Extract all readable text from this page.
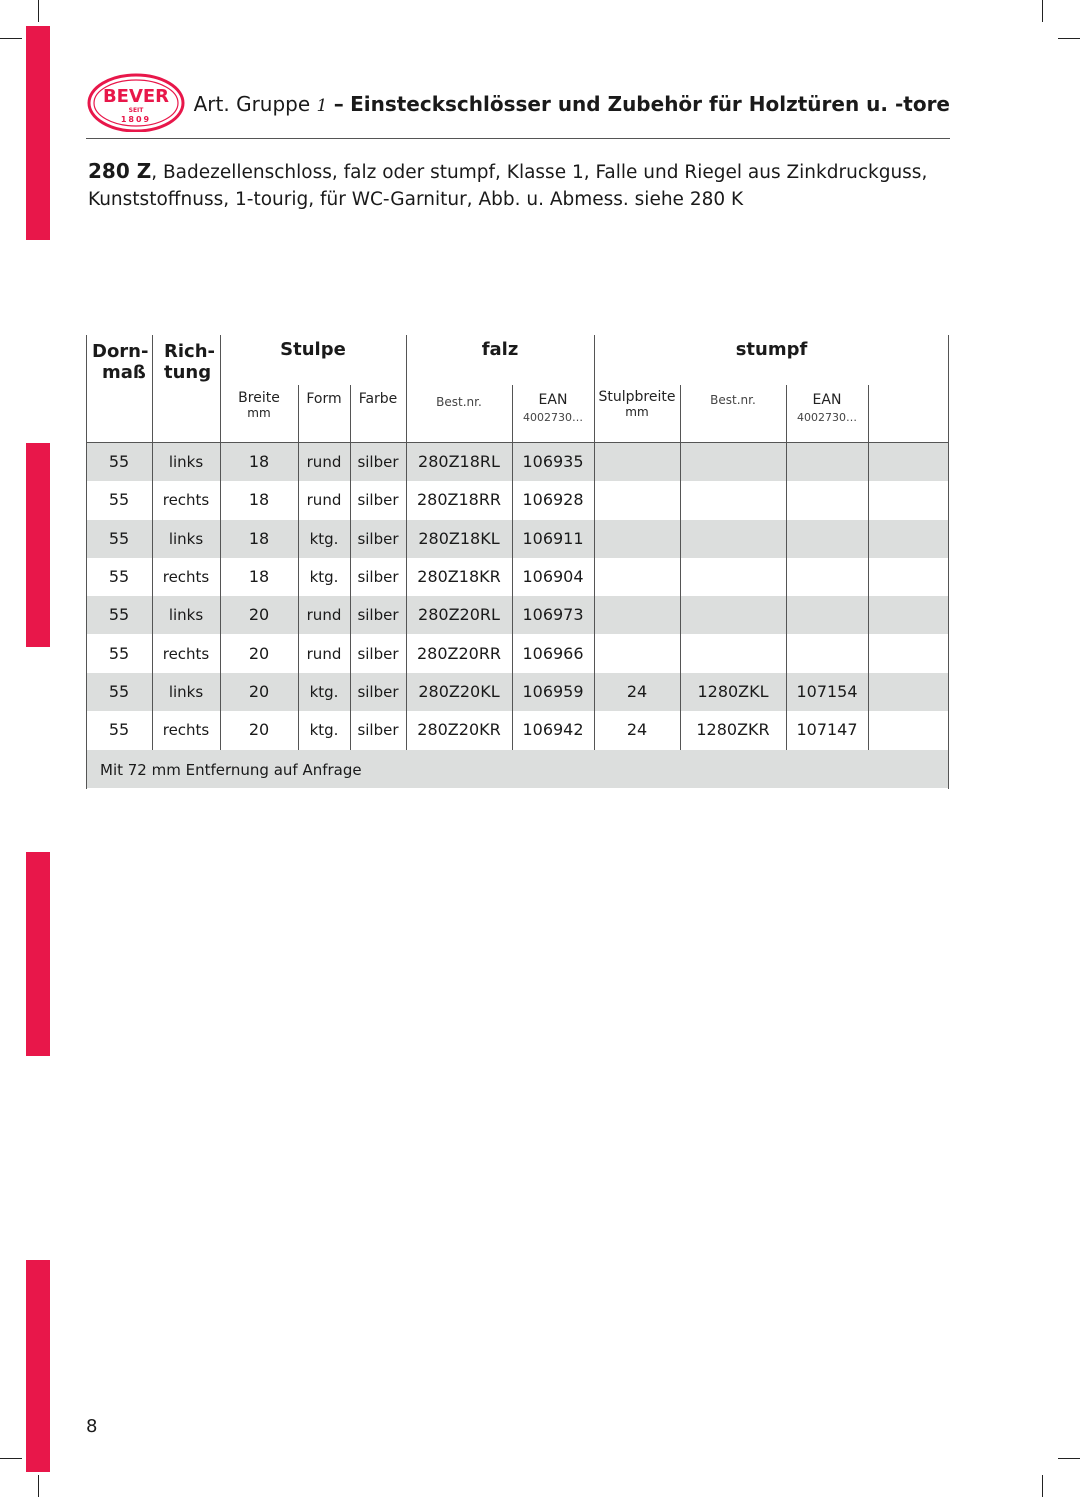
BEVER
SEIT
1809
Art. Gruppe 1 – Einsteckschlösser und Zubehör für Holztüren u. -tore
280 Z, Badezellenschloss, falz oder stumpf, Klasse 1, Falle und Riegel aus Zinkdruckguss,
Kunststoffnuss, 1-tourig, für WC-Garnitur, Abb. u. Abmess. siehe 280 K
Dorn-
maß
Rich-
tung
Stulpe	falz	stumpf
Breite
mm
Form	Farbe	Best.nr.	EAN
4002730…
Stulpbreite
mm
Best.nr.	EAN
4002730…
55	links	18	rund	silber	280Z18RL	106935
55	rechts	18	rund	silber	280Z18RR	106928
55	links	18	ktg.	silber	280Z18KL	106911
55	rechts	18	ktg.	silber	280Z18KR	106904
55	links	20	rund	silber	280Z20RL	106973
55	rechts	20	rund	silber	280Z20RR	106966
55	links	20	ktg.	silber	280Z20KL	106959	24	1280ZKL	107154
55	rechts	20	ktg.	silber	280Z20KR	106942	24	1280ZKR	107147
Mit 72 mm Entfernung auf Anfrage
8
